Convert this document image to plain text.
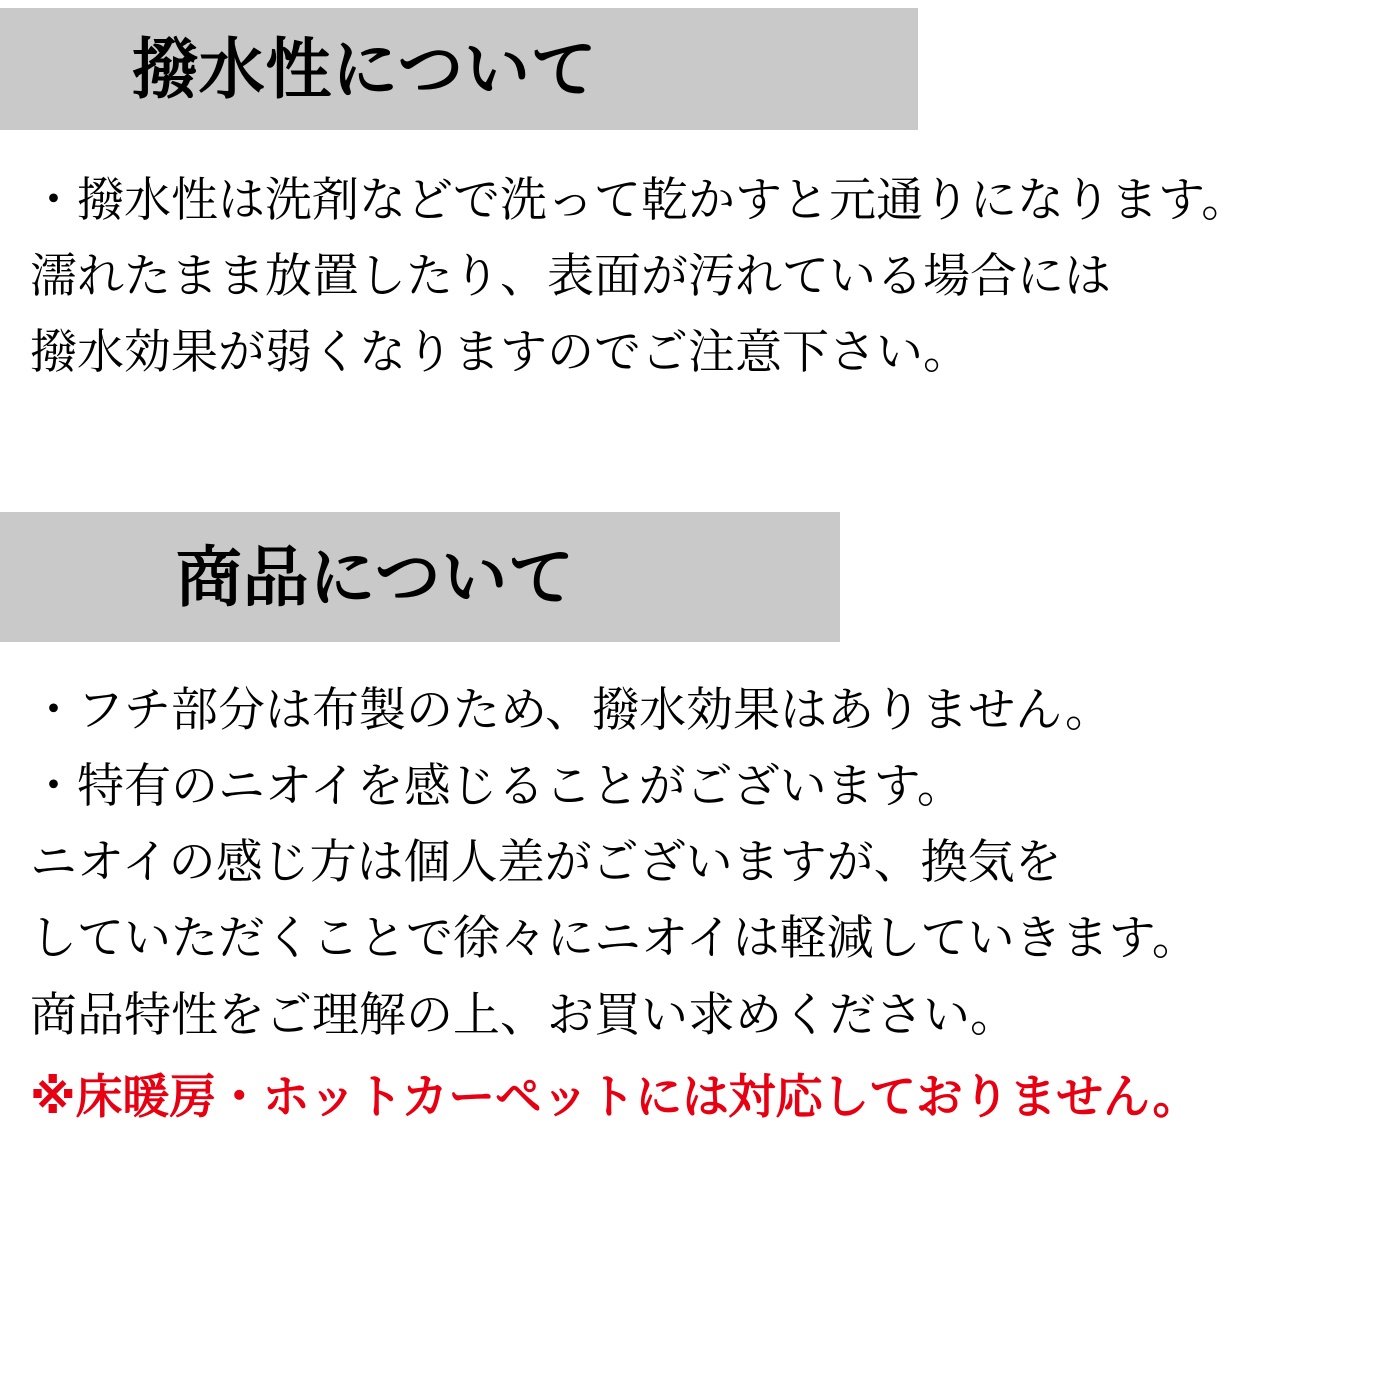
撥水性について
・撥水性は洗剤などで洗って乾かすと元通りになります。
濡れたまま放置したり、表面が汚れている場合には
撥水効果が弱くなりますのでご注意下さい。
商品について
・フチ部分は布製のため、撥水効果はありません。
・特有のニオイを感じることがございます。
ニオイの感じ方は個人差がございますが、換気を
していただくことで徐々にニオイは軽減していきます。
商品特性をご理解の上、お買い求めください。
※床暖房・ホットカーペットには対応しておりません。
